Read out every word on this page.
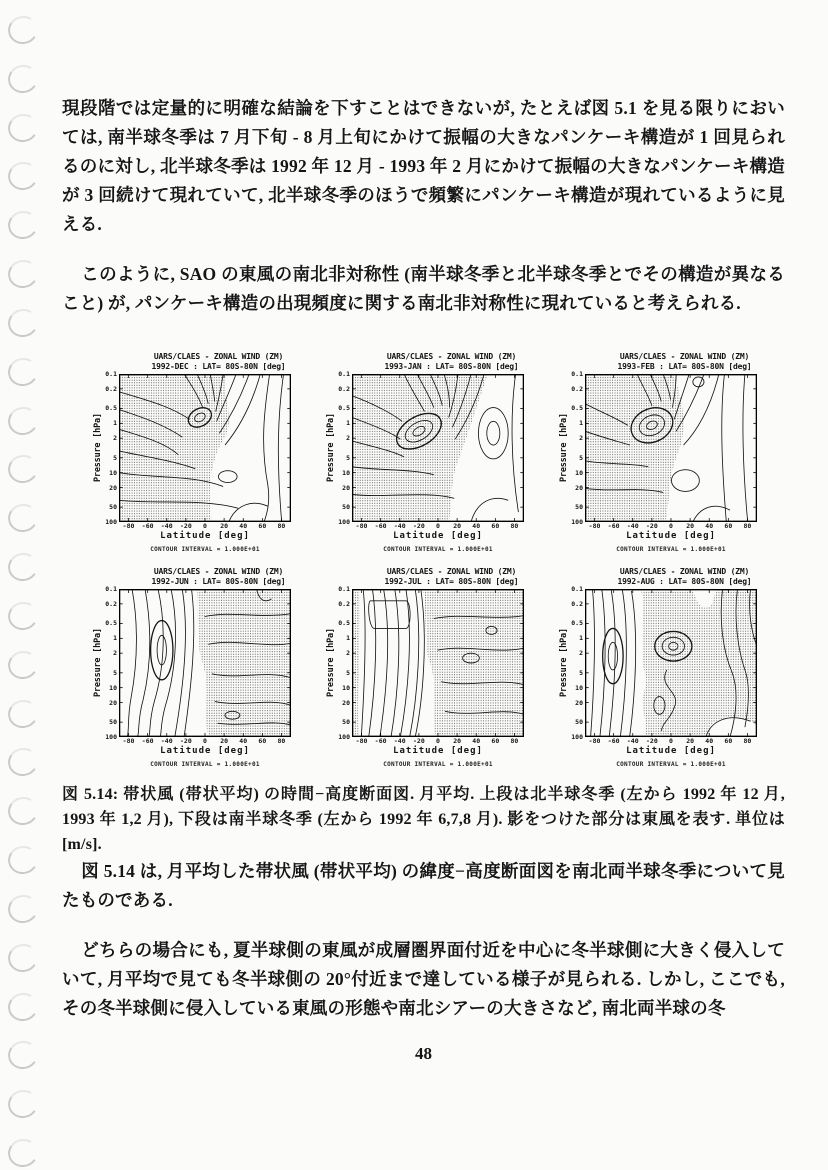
現段階では定量的に明確な結論を下すことはできないが, たとえば図 5.1 を見る限りにおいては, 南半球冬季は 7 月下旬 - 8 月上旬にかけて振幅の大きなパンケーキ構造が 1 回見られるのに対し, 北半球冬季は 1992 年 12 月 - 1993 年 2 月にかけて振幅の大きなパンケーキ構造が 3 回続けて現れていて, 北半球冬季のほうで頻繁にパンケーキ構造が現れているように見える.

このように, SAO の東風の南北非対称性 (南半球冬季と北半球冬季とでその構造が異なること) が, パンケーキ構造の出現頻度に関する南北非対称性に現れていると考えられる.

UARS/CLAES - ZONAL WIND (ZM)
1992-DEC : LAT= 80S-80N [deg]
Pressure [hPa]
0.1
0.2
0.5
1
2
5
10
20
50
100 -80 -60 -40 -20 0 20 40 60 80
Latitude [deg]
CONTOUR INTERVAL = 1.000E+01
UARS/CLAES - ZONAL WIND (ZM)
1993-JAN : LAT= 80S-80N [deg]
Pressure [hPa]
0.1
0.2
0.5
1
2
5
10
20
50
100 -80 -60 -40 -20 0 20 40 60 80
Latitude [deg]
CONTOUR INTERVAL = 1.000E+01
UARS/CLAES - ZONAL WIND (ZM)
1993-FEB : LAT= 80S-80N [deg]
Pressure [hPa]
0.1
0.2
0.5
1
2
5
10
20
50
100 -80 -60 -40 -20 0 20 40 60 80
Latitude [deg]
CONTOUR INTERVAL = 1.000E+01
UARS/CLAES - ZONAL WIND (ZM)
1992-JUN : LAT= 80S-80N [deg]
Pressure [hPa]
0.1
0.2
0.5
1
2
5
10
20
50
100 -80 -60 -40 -20 0 20 40 60 80
Latitude [deg]
CONTOUR INTERVAL = 1.000E+01
UARS/CLAES - ZONAL WIND (ZM)
1992-JUL : LAT= 80S-80N [deg]
Pressure [hPa]
0.1
0.2
0.5
1
2
5
10
20
50
100 -80 -60 -40 -20 0 20 40 60 80
Latitude [deg]
CONTOUR INTERVAL = 1.000E+01
UARS/CLAES - ZONAL WIND (ZM)
1992-AUG : LAT= 80S-80N [deg]
Pressure [hPa]
0.1
0.2
0.5
1
2
5
10
20
50
100 -80 -60 -40 -20 0 20 40 60 80
Latitude [deg]
CONTOUR INTERVAL = 1.000E+01

図 5.14: 帯状風 (帯状平均) の時間−高度断面図. 月平均. 上段は北半球冬季 (左から 1992 年 12 月, 1993 年 1,2 月), 下段は南半球冬季 (左から 1992 年 6,7,8 月). 影をつけた部分は東風を表す. 単位は [m/s].

図 5.14 は, 月平均した帯状風 (帯状平均) の緯度−高度断面図を南北両半球冬季について見たものである.

どちらの場合にも, 夏半球側の東風が成層圏界面付近を中心に冬半球側に大きく侵入していて, 月平均で見ても冬半球側の 20°付近まで達している様子が見られる. しかし, ここでも, その冬半球側に侵入している東風の形態や南北シアーの大きさなど, 南北両半球の冬

48
